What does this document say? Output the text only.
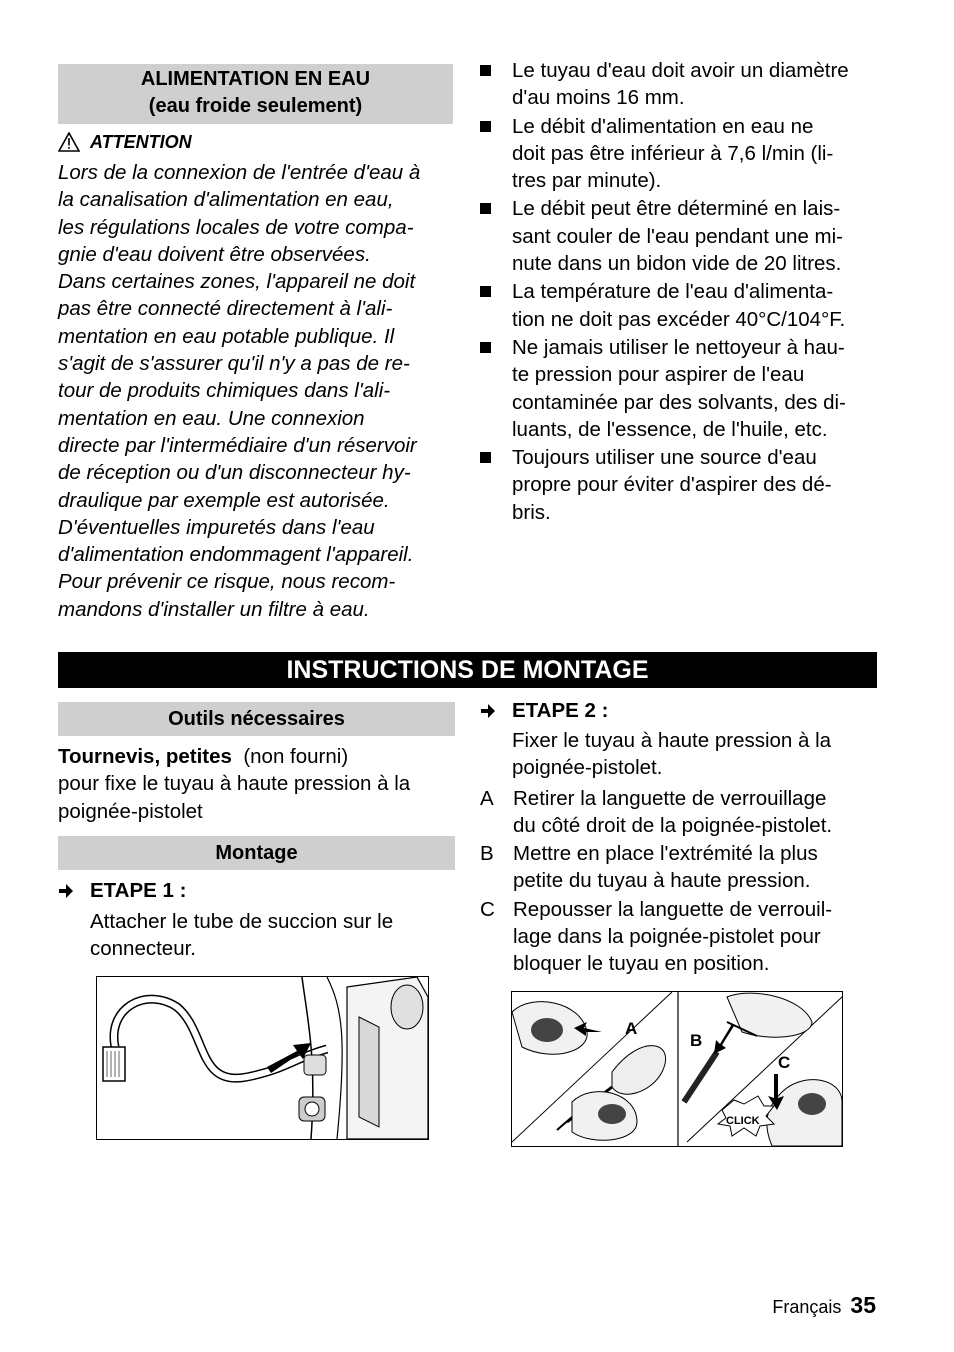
ALIMENTATION EN EAU
(eau froide seulement)
ATTENTION

Lors de la connexion de l'entrée d'eau à

la canalisation d'alimentation en eau,

les régulations locales de votre compa-

gnie d'eau doivent être observées.

Dans certaines zones, l'appareil ne doit

pas être connecté directement à l'ali-

mentation en eau potable publique. Il

s'agit de s'assurer qu'il n'y a pas de re-

tour de produits chimiques dans l'ali-

mentation en eau. Une connexion

directe par l'intermédiaire d'un réservoir

de réception ou d'un disconnecteur hy-

draulique par exemple est autorisée.

D'éventuelles impuretés dans l'eau

d'alimentation endommagent l'appareil.

Pour prévenir ce risque, nous recom-

mandons d'installer un filtre à eau.

Le tuyau d'eau doit avoir un diamètre
d'au moins 16 mm.
Le débit d'alimentation en eau ne
doit pas être inférieur à 7,6 l/min (li-
tres par minute).
Le débit peut être déterminé en lais-
sant couler de l'eau pendant une mi-
nute dans un bidon vide de 20 litres.
La température de l'eau d'alimenta-
tion ne doit pas excéder 40°C/104°F.
Ne jamais utiliser le nettoyeur à hau-
te pression pour aspirer de l'eau
contaminée par des solvants, des di-
luants, de l'essence, de l'huile, etc.
Toujours utiliser une source d'eau
propre pour éviter d'aspirer des dé-
bris.
INSTRUCTIONS DE MONTAGE
Outils nécessaires

Tournevis, petites (non fourni)

pour fixe le tuyau à haute pression à la

poignée-pistolet

Montage
ETAPE 1 :

Attacher le tube de succion sur le

connecteur.

ETAPE 2 :

Fixer le tuyau à haute pression à la

poignée-pistolet.

A Retirer la languette de verrouillage
du côté droit de la poignée-pistolet.
B Mettre en place l'extrémité la plus
petite du tuyau à haute pression.
C Repousser la languette de verrouil-
lage dans la poignée-pistolet pour
bloquer le tuyau en position.
A
B
C
CLICK
Français 35
